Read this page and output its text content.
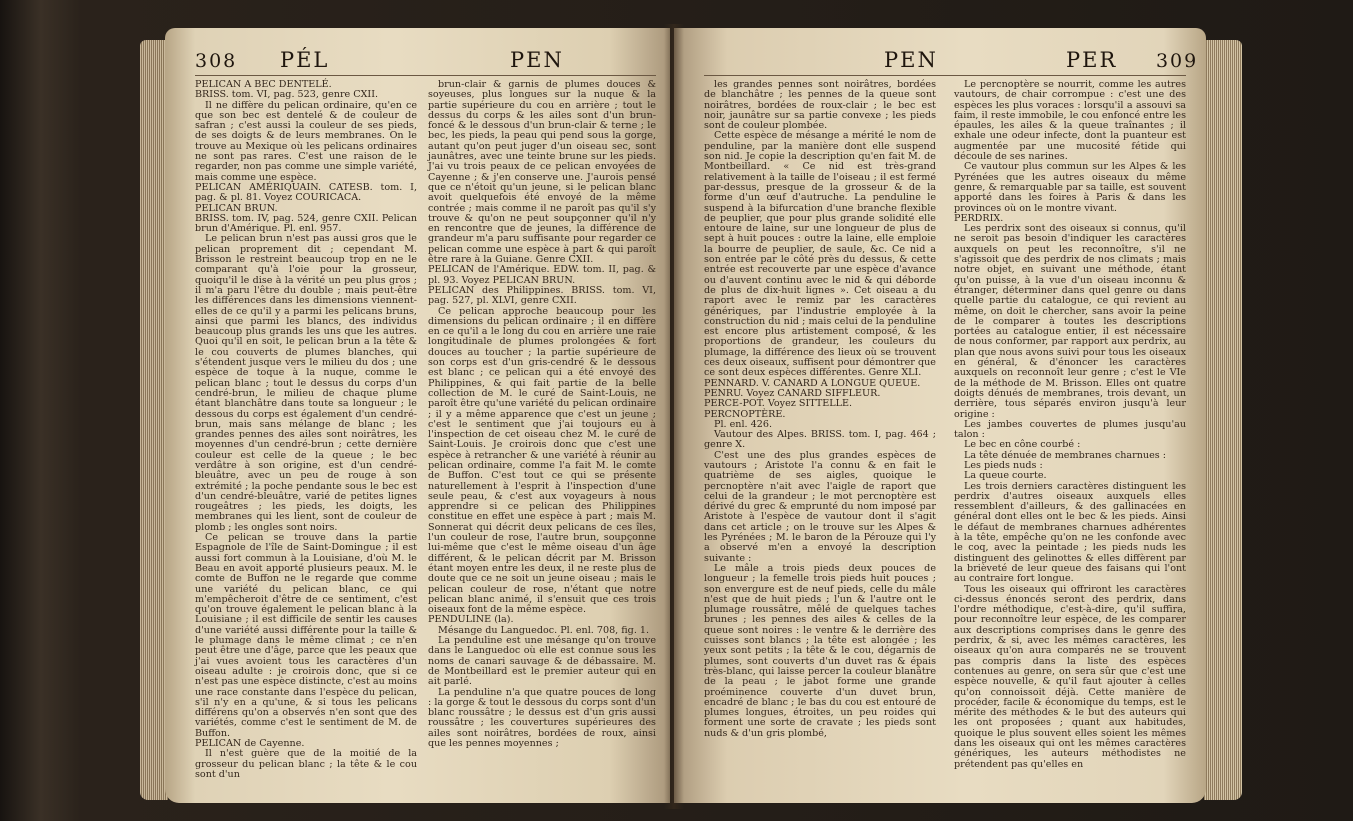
308 PÉL	PEN

PELICAN A BEC DENTELÉ.

BRISS. tom. VI, pag. 523, genre CXII.

Il ne diffère du pelican ordinaire, qu'en ce que son bec est dentelé & de couleur de safran ; c'est aussi la couleur de ses pieds, de ses doigts & de leurs membranes. On le trouve au Mexique où les pelicans ordinaires ne sont pas rares. C'est une raison de le regarder, non pas comme une simple variété, mais comme une espèce.

PELICAN AMÉRIQUAIN. CATESB. tom. I, pag. & pl. 81. Voyez COURICACA.

PELICAN BRUN.

BRISS. tom. IV, pag. 524, genre CXII. Pelican brun d'Amérique. Pl. enl. 957.

Le pelican brun n'est pas aussi gros que le pelican proprement dit ; cependant M. Brisson le restreint beaucoup trop en ne le comparant qu'à l'oie pour la grosseur, quoiqu'il le dise à la vérité un peu plus gros ; il m'a paru l'être du double ; mais peut-être les différences dans les dimensions viennent-elles de ce qu'il y a parmi les pelicans bruns, ainsi que parmi les blancs, des individus beaucoup plus grands les uns que les autres. Quoi qu'il en soit, le pelican brun a la tête & le cou couverts de plumes blanches, qui s'étendent jusque vers le milieu du dos ; une espèce de toque à la nuque, comme le pelican blanc ; tout le dessus du corps d'un cendré-brun, le milieu de chaque plume étant blanchâtre dans toute sa longueur ; le dessous du corps est également d'un cendré-brun, mais sans mélange de blanc ; les grandes pennes des ailes sont noirâtres, les moyennes d'un cendré-brun ; cette dernière couleur est celle de la queue ; le bec verdâtre à son origine, est d'un cendré-bleuâtre, avec un peu de rouge à son extrémité ; la poche pendante sous le bec est d'un cendré-bleuâtre, varié de petites lignes rougeâtres ; les pieds, les doigts, les membranes qui les lient, sont de couleur de plomb ; les ongles sont noirs.

Ce pelican se trouve dans la partie Espagnole de l'île de Saint-Domingue ; il est aussi fort commun à la Louisiane, d'où M. le Beau en avoit apporté plusieurs peaux. M. le comte de Buffon ne le regarde que comme une variété du pelican blanc, ce qui m'empêcheroit d'être de ce sentiment, c'est qu'on trouve également le pelican blanc à la Louisiane ; il est difficile de sentir les causes d'une variété aussi différente pour la taille & le plumage dans le même climat ; ce n'en peut être une d'âge, parce que les peaux que j'ai vues avoient tous les caractères d'un oiseau adulte : je croirois donc, que si ce n'est pas une espèce distincte, c'est au moins une race constante dans l'espèce du pelican, s'il n'y en a qu'une, & si tous les pelicans différens qu'on a observés n'en sont que des variétés, comme c'est le sentiment de M. de Buffon.

PELICAN de Cayenne.

Il n'est guère que de la moitié de la grosseur du pelican blanc ; la tête & le cou sont d'un

brun-clair & garnis de plumes douces & soyeuses, plus longues sur la nuque & la partie supérieure du cou en arrière ; tout le dessus du corps & les ailes sont d'un brun-foncé & le dessous d'un brun-clair & terne ; le bec, les pieds, la peau qui pend sous la gorge, autant qu'on peut juger d'un oiseau sec, sont jaunâtres, avec une teinte brune sur les pieds. J'ai vu trois peaux de ce pelican envoyées de Cayenne ; & j'en conserve une. J'aurois pensé que ce n'étoit qu'un jeune, si le pelican blanc avoit quelquefois été envoyé de la même contrée ; mais comme il ne paroît pas qu'il s'y trouve & qu'on ne peut soupçonner qu'il n'y en rencontre que de jeunes, la différence de grandeur m'a paru suffisante pour regarder ce pelican comme une espèce à part & qui paroît être rare à la Guiane. Genre CXII.

PELICAN de l'Amérique. EDW. tom. II, pag. & pl. 93. Voyez PELICAN BRUN.

PELICAN des Philippines. BRISS. tom. VI, pag. 527, pl. XLVI, genre CXII.

Ce pelican approche beaucoup pour les dimensions du pelican ordinaire ; il en diffère en ce qu'il a le long du cou en arrière une raie longitudinale de plumes prolongées & fort douces au toucher ; la partie supérieure de son corps est d'un gris-cendré & le dessous est blanc ; ce pelican qui a été envoyé des Philippines, & qui fait partie de la belle collection de M. le curé de Saint-Louis, ne paroît être qu'une variété du pelican ordinaire ; il y a même apparence que c'est un jeune ; c'est le sentiment que j'ai toujours eu à l'inspection de cet oiseau chez M. le curé de Saint-Louis. Je croirois donc que c'est une espèce à retrancher & une variété à réunir au pelican ordinaire, comme l'a fait M. le comte de Buffon. C'est tout ce qui se présente naturellement à l'esprit à l'inspection d'une seule peau, & c'est aux voyageurs à nous apprendre si ce pelican des Philippines constitue en effet une espèce à part ; mais M. Sonnerat qui décrit deux pelicans de ces îles, l'un couleur de rose, l'autre brun, soupçonne lui-même que c'est le même oiseau d'un âge différent, & le pelican décrit par M. Brisson étant moyen entre les deux, il ne reste plus de doute que ce ne soit un jeune oiseau ; mais le pelican couleur de rose, n'étant que notre pelican blanc animé, il s'ensuit que ces trois oiseaux font de la même espèce.

PENDULINE (la).

Mésange du Languedoc. Pl. enl. 708, fig. 1.

La penduline est une mésange qu'on trouve dans le Languedoc où elle est connue sous les noms de canari sauvage & de débassaire. M. de Montbeillard est le premier auteur qui en ait parlé.

La penduline n'a que quatre pouces de long : la gorge & tout le dessous du corps sont d'un blanc roussâtre ; le dessus est d'un gris aussi roussâtre ; les couvertures supérieures des ailes sont noirâtres, bordées de roux, ainsi que les pennes moyennes ;

PEN	PER 309

les grandes pennes sont noirâtres, bordées de blanchâtre ; les pennes de la queue sont noirâtres, bordées de roux-clair ; le bec est noir, jaunâtre sur sa partie convexe ; les pieds sont de couleur plombée.

Cette espèce de mésange a mérité le nom de penduline, par la manière dont elle suspend son nid. Je copie la description qu'en fait M. de Montbeillard. « Ce nid est très-grand relativement à la taille de l'oiseau ; il est fermé par-dessus, presque de la grosseur & de la forme d'un œuf d'autruche. La penduline le suspend à la bifurcation d'une branche flexible de peuplier, que pour plus grande solidité elle entoure de laine, sur une longueur de plus de sept à huit pouces : outre la laine, elle emploie la bourre de peuplier, de saule, &c. Ce nid a son entrée par le côté près du dessus, & cette entrée est recouverte par une espèce d'avance ou d'auvent continu avec le nid & qui déborde de plus de dix-huit lignes ». Cet oiseau a du raport avec le remiz par les caractères génériques, par l'industrie employée à la construction du nid ; mais celui de la penduline est encore plus artistement composé, & les proportions de grandeur, les couleurs du plumage, la différence des lieux où se trouvent ces deux oiseaux, suffisent pour démontrer que ce sont deux espèces différentes. Genre XLI.

PENNARD. V. CANARD A LONGUE QUEUE.

PENRU. Voyez CANARD SIFFLEUR.

PERCE-POT. Voyez SITTELLE.

PERCNOPTÈRE.

Pl. enl. 426.

Vautour des Alpes. BRISS. tom. I, pag. 464 ; genre X.

C'est une des plus grandes espèces de vautours ; Aristote l'a connu & en fait le quatrième de ses aigles, quoique le percnoptère n'ait avec l'aigle de raport que celui de la grandeur ; le mot percnoptère est dérivé du grec & emprunté du nom imposé par Aristote à l'espèce de vautour dont il s'agit dans cet article ; on le trouve sur les Alpes & les Pyrénées ; M. le baron de la Pérouze qui l'y a observé m'en a envoyé la description suivante :

Le mâle a trois pieds deux pouces de longueur ; la femelle trois pieds huit pouces ; son envergure est de neuf pieds, celle du mâle n'est que de huit pieds ; l'un & l'autre ont le plumage roussâtre, mêlé de quelques taches brunes ; les pennes des ailes & celles de la queue sont noires : le ventre & le derrière des cuisses sont blancs ; la tête est alongée ; les yeux sont petits ; la tête & le cou, dégarnis de plumes, sont couverts d'un duvet ras & épais très-blanc, qui laisse percer la couleur blanâtre de la peau ; le jabot forme une grande proéminence couverte d'un duvet brun, encadré de blanc ; le bas du cou est entouré de plumes longues, étroites, un peu roides qui forment une sorte de cravate ; les pieds sont nuds & d'un gris plombé,

Le percnoptère se nourrit, comme les autres vautours, de chair corrompue : c'est une des espèces les plus voraces : lorsqu'il a assouvi sa faim, il reste immobile, le cou enfoncé entre les épaules, les ailes & la queue traînantes ; il exhale une odeur infecte, dont la puanteur est augmentée par une mucosité fétide qui découle de ses narines.

Ce vautour plus commun sur les Alpes & les Pyrénées que les autres oiseaux du même genre, & remarquable par sa taille, est souvent apporté dans les foires à Paris & dans les provinces où on le montre vivant.

PERDRIX.

Les perdrix sont des oiseaux si connus, qu'il ne seroit pas besoin d'indiquer les caractères auxquels on peut les reconnoître, s'il ne s'agissoit que des perdrix de nos climats ; mais notre objet, en suivant une méthode, étant qu'on puisse, à la vue d'un oiseau inconnu & étranger, déterminer dans quel genre ou dans quelle partie du catalogue, ce qui revient au même, on doit le chercher, sans avoir la peine de le comparer à toutes les descriptions portées au catalogue entier, il est nécessaire de nous conformer, par rapport aux perdrix, au plan que nous avons suivi pour tous les oiseaux en général, & d'énoncer les caractères auxquels on reconnoît leur genre ; c'est le VIe de la méthode de M. Brisson. Elles ont quatre doigts dénués de membranes, trois devant, un derrière, tous séparés environ jusqu'à leur origine :

Les jambes couvertes de plumes jusqu'au talon :

Le bec en cône courbé :

La tête dénuée de membranes charnues :

Les pieds nuds :

La queue courte.

Les trois derniers caractères distinguent les perdrix d'autres oiseaux auxquels elles ressemblent d'ailleurs, & des gallinacées en général dont elles ont le bec & les pieds. Ainsi le défaut de membranes charnues adhérentes à la tête, empêche qu'on ne les confonde avec le coq, avec la peintade ; les pieds nuds les distinguent des gelinottes & elles diffèrent par la brièveté de leur queue des faisans qui l'ont au contraire fort longue.

Tous les oiseaux qui offriront les caractères ci-dessus énoncés seront des perdrix, dans l'ordre méthodique, c'est-à-dire, qu'il suffira, pour reconnoître leur espèce, de les comparer aux descriptions comprises dans le genre des perdrix, & si, avec les mêmes caractères, les oiseaux qu'on aura comparés ne se trouvent pas compris dans la liste des espèces contenues au genre, on sera sûr que c'est une espèce nouvelle, & qu'il faut ajouter à celles qu'on connoissoit déjà. Cette manière de procéder, facile & économique du temps, est le mérite des méthodes & le but des auteurs qui les ont proposées ; quant aux habitudes, quoique le plus souvent elles soient les mêmes dans les oiseaux qui ont les mêmes caractères génériques, les auteurs méthodistes ne prétendent pas qu'elles en
